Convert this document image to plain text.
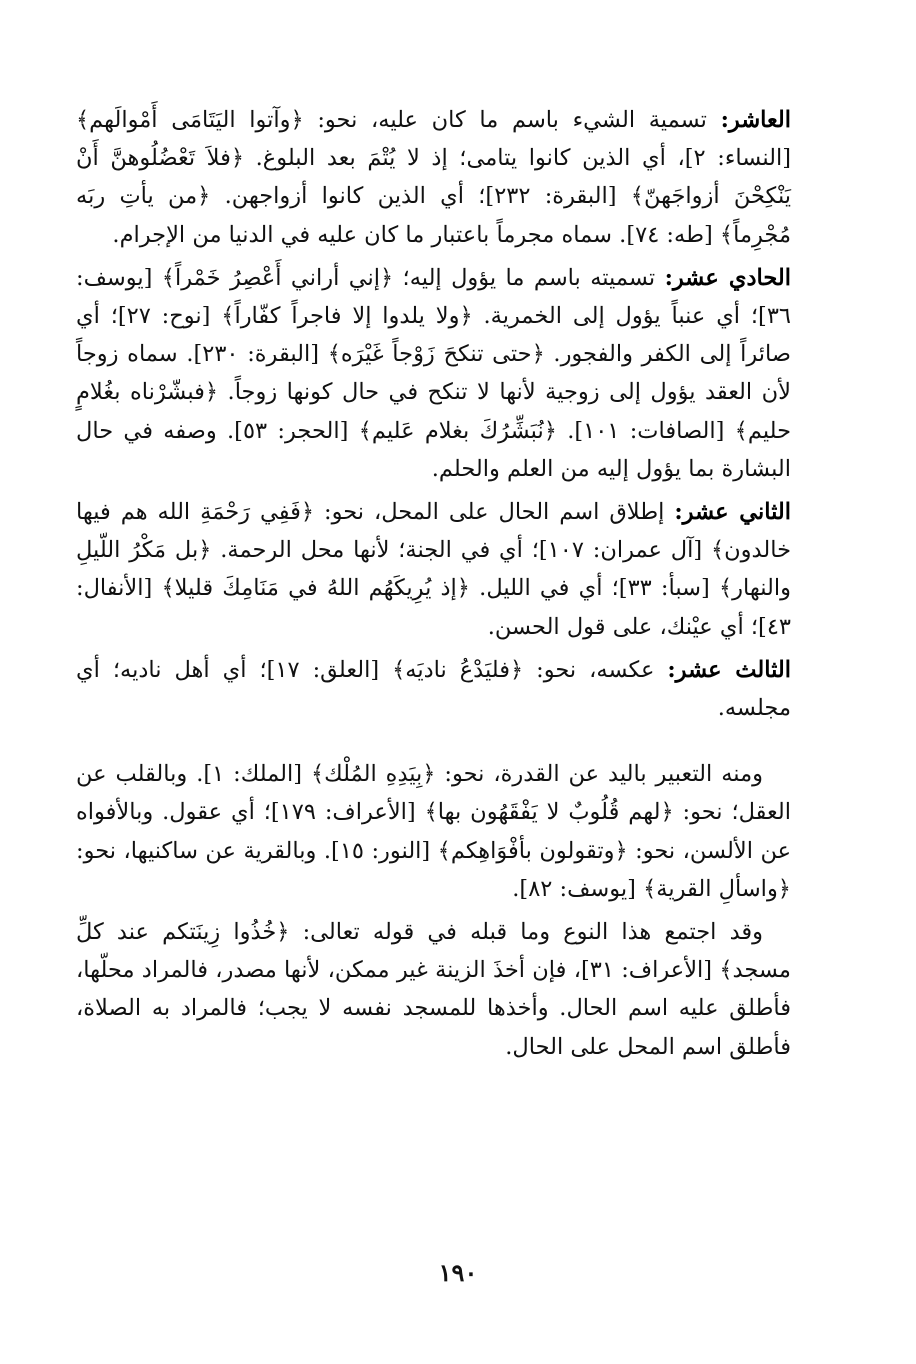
العاشر: تسمية الشيء باسم ما كان عليه، نحو: ﴿وآتوا اليَتَامَى أَمْوالَهم﴾ [النساء: ٢]، أي الذين كانوا يتامى؛ إذ لا يُتْمَ بعد البلوغ. ﴿فلاَ تَعْضُلُوهنَّ أَنْ يَنْكِحْنَ أزواجَهنّ﴾ [البقرة: ٢٣٢]؛ أي الذين كانوا أزواجهن. ﴿من يأتِ ربَه مُجْرِماً﴾ [طه: ٧٤]. سماه مجرماً باعتبار ما كان عليه في الدنيا من الإجرام.

الحادي عشر: تسميته باسم ما يؤول إليه؛ ﴿إني أراني أَعْصِرُ خَمْراً﴾ [يوسف: ٣٦]؛ أي عنباً يؤول إلى الخمرية. ﴿ولا يلدوا إلا فاجراً كفّاراً﴾ [نوح: ٢٧]؛ أي صائراً إلى الكفر والفجور. ﴿حتى تنكحَ زَوْجاً غَيْرَه﴾ [البقرة: ٢٣٠]. سماه زوجاً لأن العقد يؤول إلى زوجية لأنها لا تنكح في حال كونها زوجاً. ﴿فبشّرْناه بغُلامٍ حليم﴾ [الصافات: ١٠١]. ﴿نُبَشِّرُكَ بغلام عَليم﴾ [الحجر: ٥٣]. وصفه في حال البشارة بما يؤول إليه من العلم والحلم.

الثاني عشر: إطلاق اسم الحال على المحل، نحو: ﴿فَفِي رَحْمَةِ الله هم فيها خالدون﴾ [آل عمران: ١٠٧]؛ أي في الجنة؛ لأنها محل الرحمة. ﴿بل مَكْرُ اللّيلِ والنهار﴾ [سبأ: ٣٣]؛ أي في الليل. ﴿إذ يُرِيكَهُم اللهُ في مَنَامِكَ قليلا﴾ [الأنفال: ٤٣]؛ أي عيْنك، على قول الحسن.

الثالث عشر: عكسه، نحو: ﴿فليَدْعُ ناديَه﴾ [العلق: ١٧]؛ أي أهل ناديه؛ أي مجلسه.

ومنه التعبير باليد عن القدرة، نحو: ﴿بِيَدِهِ المُلْك﴾ [الملك: ١]. وبالقلب عن العقل؛ نحو: ﴿لهم قُلُوبٌ لا يَفْقَهُون بها﴾ [الأعراف: ١٧٩]؛ أي عقول. وبالأفواه عن الألسن، نحو: ﴿وتقولون بأفْوَاهِكم﴾ [النور: ١٥]. وبالقرية عن ساكنيها، نحو: ﴿واسألِ القرية﴾ [يوسف: ٨٢].

وقد اجتمع هذا النوع وما قبله في قوله تعالى: ﴿خُذُوا زِينَتكم عند كلِّ مسجد﴾ [الأعراف: ٣١]، فإن أخذَ الزينة غير ممكن، لأنها مصدر، فالمراد محلّها، فأطلق عليه اسم الحال. وأخذها للمسجد نفسه لا يجب؛ فالمراد به الصلاة، فأطلق اسم المحل على الحال.

١٩٠
